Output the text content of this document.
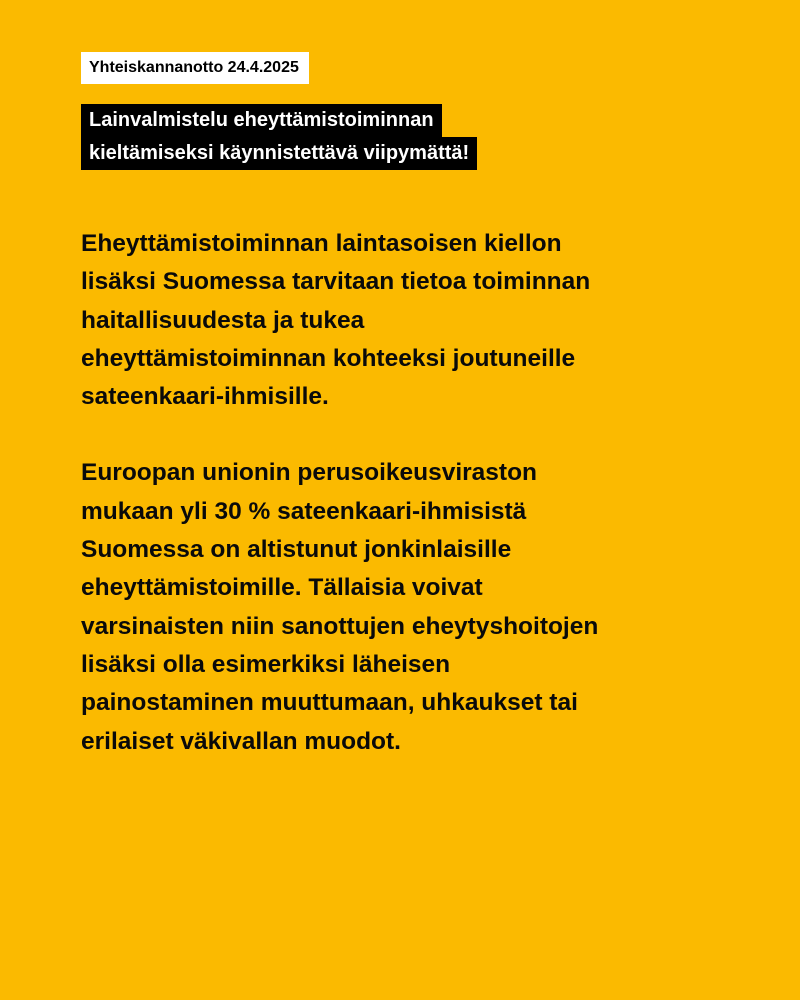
Yhteiskannanotto 24.4.2025
Lainvalmistelu eheyttämistoiminnan
kieltämiseksi käynnistettävä viipymättä!

Eheyttämistoiminnan laintasoisen kiellon
lisäksi Suomessa tarvitaan tietoa toiminnan
haitallisuudesta ja tukea
eheyttämistoiminnan kohteeksi joutuneille
sateenkaari-ihmisille.

Euroopan unionin perusoikeusviraston
mukaan yli 30 % sateenkaari-ihmisistä
Suomessa on altistunut jonkinlaisille
eheyttämistoimille. Tällaisia voivat
varsinaisten niin sanottujen eheytyshoitojen
lisäksi olla esimerkiksi läheisen
painostaminen muuttumaan, uhkaukset tai
erilaiset väkivallan muodot.
